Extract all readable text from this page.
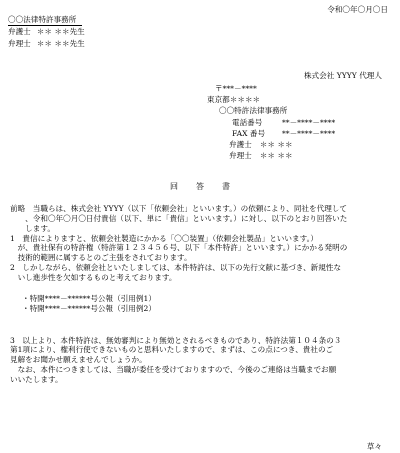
令和〇年〇月〇日
〇〇法律特許事務所
弁護士 ＊＊ ＊＊先生
弁理士 ＊＊ ＊＊先生
株式会社 YYYY 代理人
〒***－****
東京都＊＊＊＊
〇〇特許法律事務所
電話番号	**－****－****
FAX 番号 **－****－****
弁護士 ＊＊ ＊＊
弁理士 ＊＊ ＊＊
回答書

前略　当職らは、株式会社 YYYY（以下「依頼会社」といいます。）の依頼により、同社を代理して

　　、令和〇年〇月〇日付貴信（以下、単に「貴信」といいます。）に対し、以下のとおり回答いた

　　します。

1　貴信によりますと、依頼会社製造にかかる「〇〇装置」（依頼会社製品」といいます。）

　が、貴社保有の特許権（特許第１２３４５６号、以下「本件特許」といいます。）にかかる発明の

　技術的範囲に属するとのご主張をされております。

2　しかしながら、依頼会社といたしましては、本件特許は、以下の先行文献に基づき、新規性な

　いし進歩性を欠如するものと考えております。

・特開****－******号公報（引用例1）

・特開****－******号公報（引用例2）

3　以上より、本件特許は、無効審判により無効とされるべきものであり、特許法第１０４条の３

第1項により、権利行使できないものと思料いたしますので、まずは、この点につき、貴社のご

見解をお聞かせ願えませんでしょうか。

　なお、本件につきましては、当職が委任を受けておりますので、今後のご連絡は当職までお願

いいたします。

草々
